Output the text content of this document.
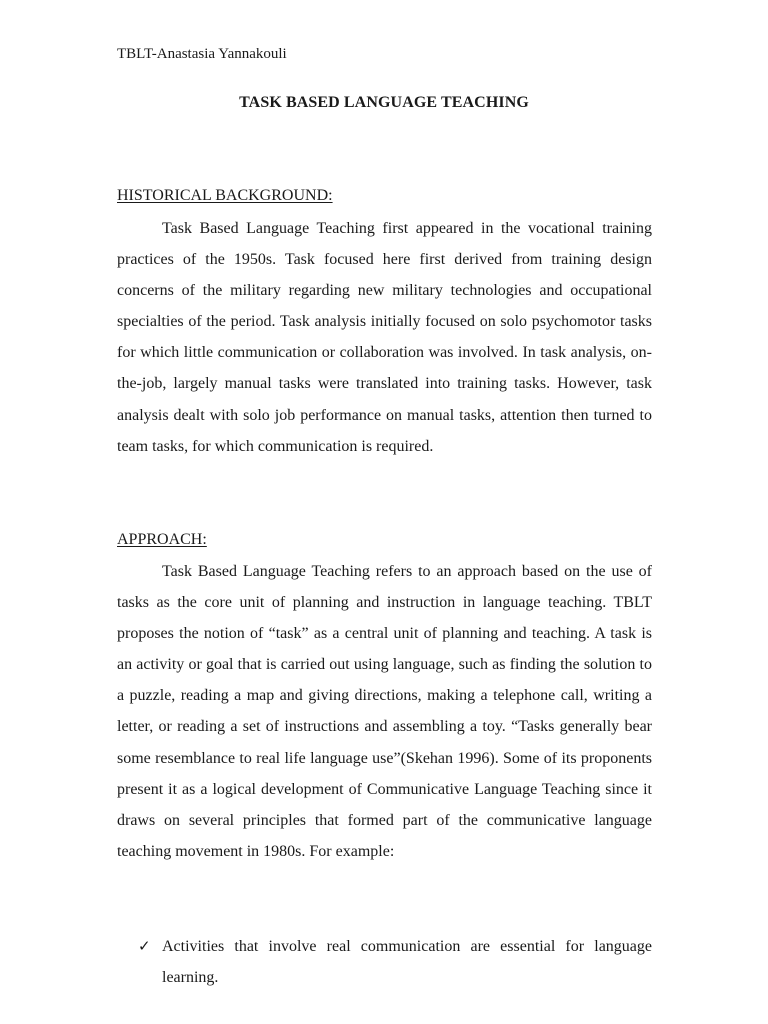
TBLT-Anastasia Yannakouli
TASK BASED LANGUAGE TEACHING
HISTORICAL BACKGROUND:

Task Based Language Teaching first appeared in the vocational training practices of the 1950s. Task focused here first derived from training design concerns of the military regarding new military technologies and occupational specialties of the period. Task analysis initially focused on solo psychomotor tasks for which little communication or collaboration was involved. In task analysis, on-the-job, largely manual tasks were translated into training tasks. However, task analysis dealt with solo job performance on manual tasks, attention then turned to team tasks, for which communication is required.

APPROACH:

Task Based Language Teaching refers to an approach based on the use of tasks as the core unit of planning and instruction in language teaching. TBLT proposes the notion of “task” as a central unit of planning and teaching. A task is an activity or goal that is carried out using language, such as finding the solution to a puzzle, reading a map and giving directions, making a telephone call, writing a letter, or reading a set of instructions and assembling a toy. “Tasks generally bear some resemblance to real life language use”(Skehan 1996). Some of its proponents present it as a logical development of Communicative Language Teaching since it draws on several principles that formed part of the communicative language teaching movement in 1980s. For example:

✓ Activities that involve real communication are essential for language learning.
